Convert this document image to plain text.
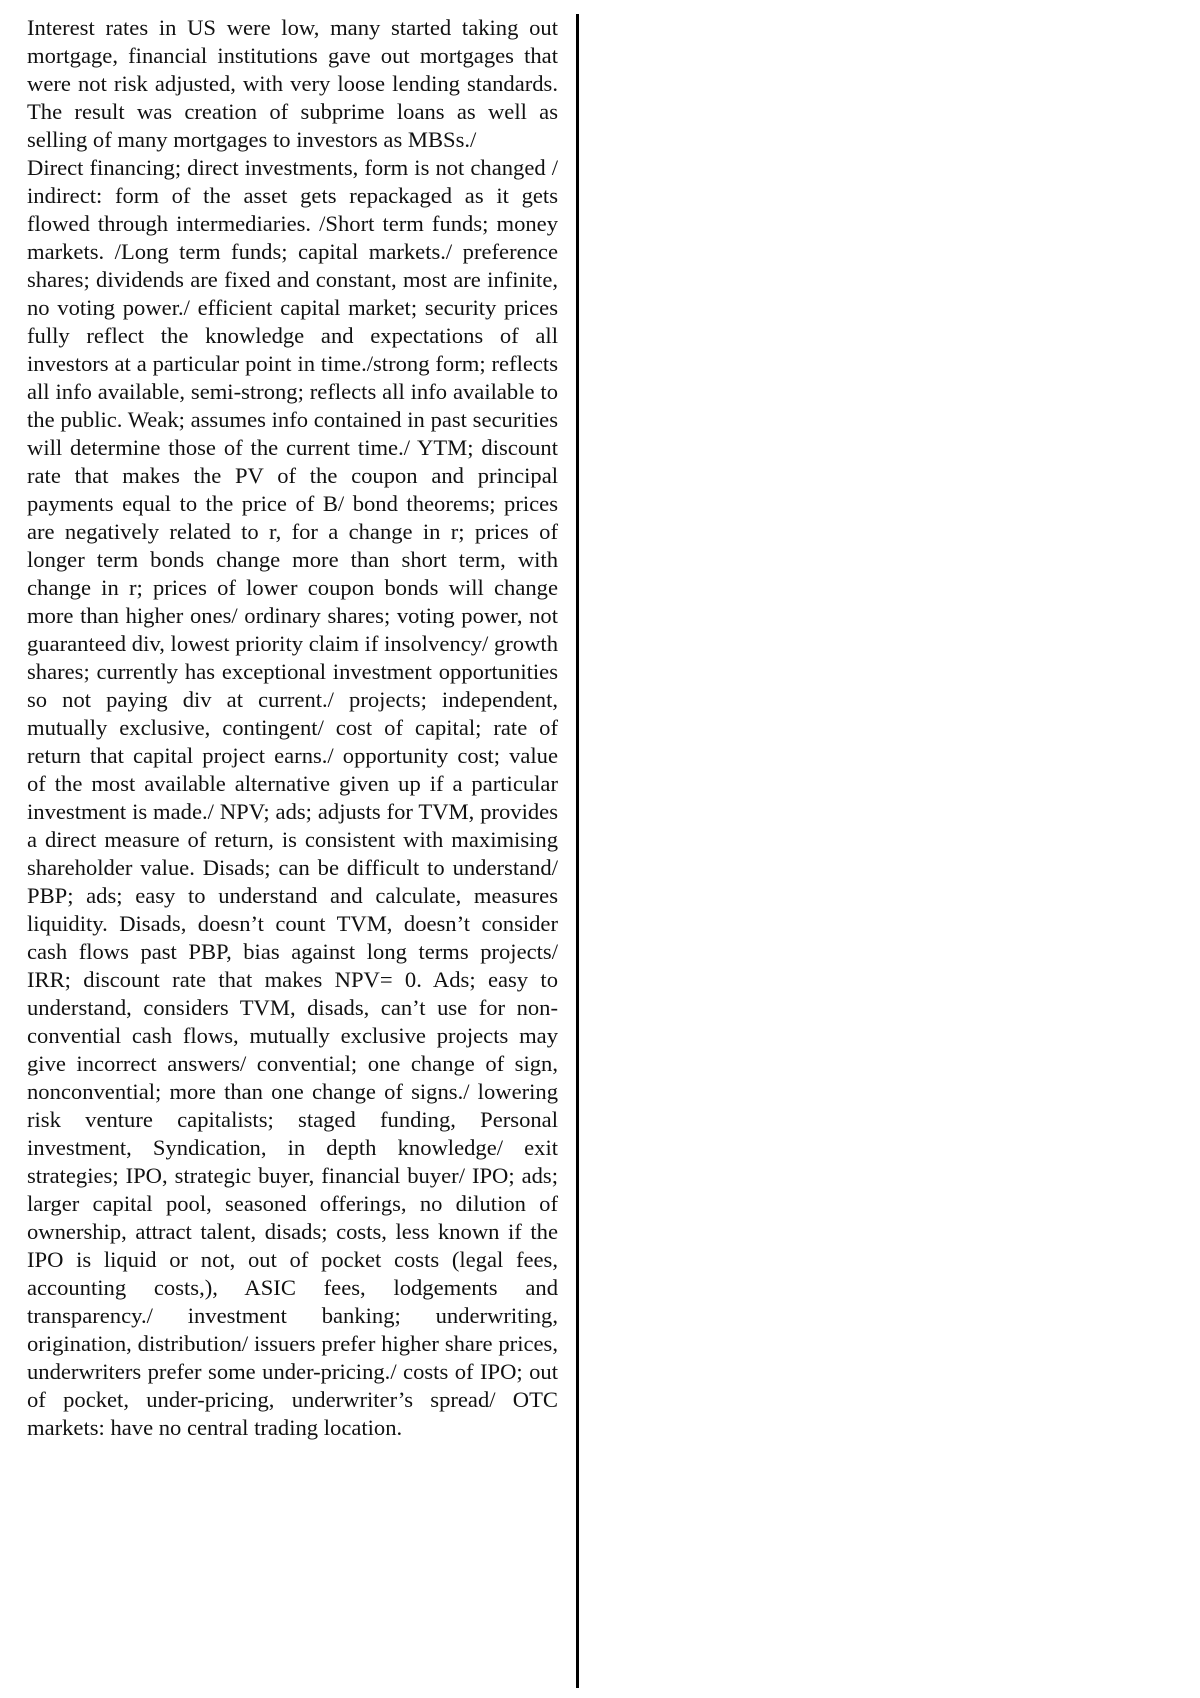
Interest rates in US were low, many started taking out mortgage, financial institutions gave out mortgages that were not risk adjusted, with very loose lending standards. The result was creation of subprime loans as well as selling of many mortgages to investors as MBSs./

Direct financing; direct investments, form is not changed / indirect: form of the asset gets repackaged as it gets flowed through intermediaries. /Short term funds; money markets. /Long term funds; capital markets./ preference shares; dividends are fixed and constant, most are infinite, no voting power./ efficient capital market; security prices fully reflect the knowledge and expectations of all investors at a particular point in time./strong form; reflects all info available, semi-strong; reflects all info available to the public. Weak; assumes info contained in past securities will determine those of the current time./ YTM; discount rate that makes the PV of the coupon and principal payments equal to the price of B/ bond theorems; prices are negatively related to r, for a change in r; prices of longer term bonds change more than short term, with change in r; prices of lower coupon bonds will change more than higher ones/ ordinary shares; voting power, not guaranteed div, lowest priority claim if insolvency/ growth shares; currently has exceptional investment opportunities so not paying div at current./ projects; independent, mutually exclusive, contingent/ cost of capital; rate of return that capital project earns./ opportunity cost; value of the most available alternative given up if a particular investment is made./ NPV; ads; adjusts for TVM, provides a direct measure of return, is consistent with maximising shareholder value. Disads; can be difficult to understand/ PBP; ads; easy to understand and calculate, measures liquidity. Disads, doesn’t count TVM, doesn’t consider cash flows past PBP, bias against long terms projects/ IRR; discount rate that makes NPV= 0. Ads; easy to understand, considers TVM, disads, can’t use for non-convential cash flows, mutually exclusive projects may give incorrect answers/ convential; one change of sign, nonconvential; more than one change of signs./ lowering risk venture capitalists; staged funding, Personal investment, Syndication, in depth knowledge/ exit strategies; IPO, strategic buyer, financial buyer/ IPO; ads; larger capital pool, seasoned offerings, no dilution of ownership, attract talent, disads; costs, less known if the IPO is liquid or not, out of pocket costs (legal fees, accounting costs,), ASIC fees, lodgements and transparency./ investment banking; underwriting, origination, distribution/ issuers prefer higher share prices, underwriters prefer some under-pricing./ costs of IPO; out of pocket, under-pricing, underwriter’s spread/ OTC markets: have no central trading location.
